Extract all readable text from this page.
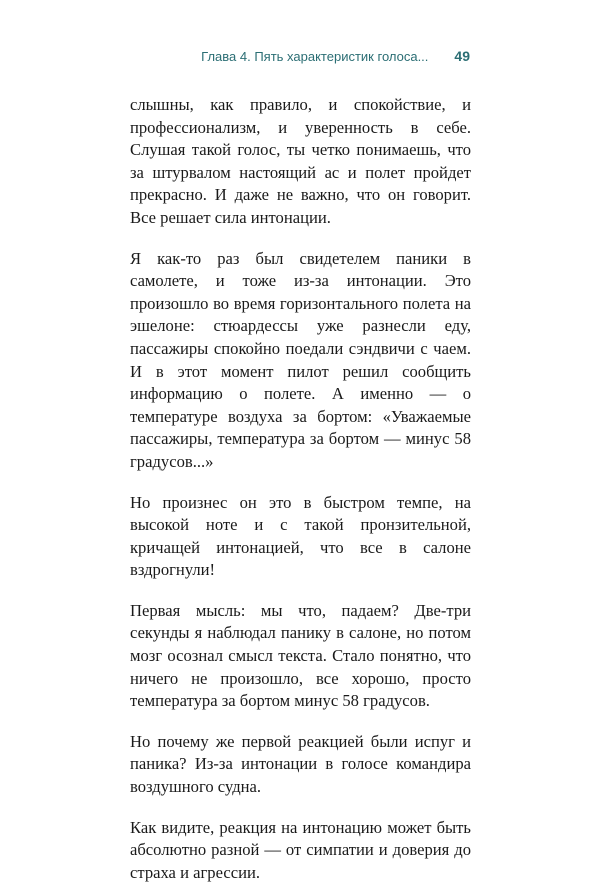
Глава 4. Пять характеристик голоса... 49

слышны, как правило, и спокойствие, и профессионализм, и уверенность в себе. Слушая такой голос, ты четко понимаешь, что за штурвалом настоящий ас и полет пройдет прекрасно. И даже не важно, что он говорит. Все решает сила интонации.

Я как-то раз был свидетелем паники в самолете, и тоже из-за интонации. Это произошло во время горизонтального полета на эшелоне: стюардессы уже разнесли еду, пассажиры спокойно поедали сэндвичи с чаем. И в этот момент пилот решил сообщить информацию о полете. А именно — о температуре воздуха за бортом: «Уважаемые пассажиры, температура за бортом — минус 58 градусов...»

Но произнес он это в быстром темпе, на высокой ноте и с такой пронзительной, кричащей интонацией, что все в салоне вздрогнули!

Первая мысль: мы что, падаем? Две-три секунды я наблюдал панику в салоне, но потом мозг осознал смысл текста. Стало понятно, что ничего не произошло, все хорошо, просто температура за бортом минус 58 градусов.

Но почему же первой реакцией были испуг и паника? Из-за интонации в голосе командира воздушного судна.

Как видите, реакция на интонацию может быть абсолютно разной — от симпатии и доверия до страха и агрессии.
